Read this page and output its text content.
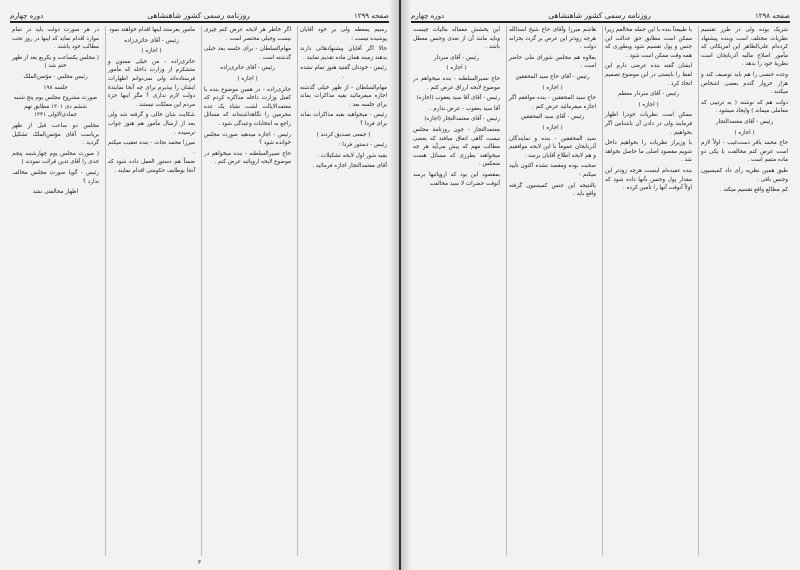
صفحه ۱۲۹۹
روزنامه رسمی کشور شاهنشاهی
دوره چهارم

رسیم یمعطه ولی بر خود آقایان پوشیده نیست :

حالا اگر آقایان پیشنهادهائی دارند بدهند زمینه همان ماده تقدیم نمایند .

رئیس - خودتان گفتید هنوز تمام نشده .

مهام‌السلطان - از ظهر خیلی گذشته اجازه میفرمائید بقیه مذاکرات بماند برای جلسه بعد .

رئیس - میخواهید بقیه مذاکرات بماند برای فردا ؟

( جمعی تصدیق کردند )

رئیس - دستور فردا :

بقیه شور اول لایحه تشکیلات .

آقای معتمدالتجار اجازه فرمائید .

اگر خاطر هر لایحه عرض کنم چیزی نیست وخیلی مختصر است .

مهام‌السلطان - برای جلسه بعد خیلی گذشته است .

رئیس - آقای حائری‌زاده

( اجازه )

حائری‌زاده - در همین موضوع بنده با کفیل وزارت داخله مذاکره کردم که معتمدالایالت لشت نشاء یک عده مجرمین را نگاهداشته‌اند که مسائل راجع به انتخابات وعیدگی شود .

رئیس - اجازه میدهید صورت مجلس خوانده شود ؟

حاج نصیرالسلطنه - بنده میخواهم در موضوع لایحه اروپائیه عرض کنم .

مأمور بفرستد اینها اقدام خواهند نمود

رئیس - آقای حائری‌زاده

( اجازه )

حائری‌زاده - من خیلی ممنون و متشکرم از وزارت داخله که مأمور فرستاده‌اند ولی نمی‌توانم اظهارات ایشان را بپذیرم برای چه آنجا نمایندۀ دولت لازم نداری ؟ مگر اینها جزء مردم این مملکت نیستند .

شکایت شان خالی و گرفته شد ولی بعد از ارسال مأمور هم هنوز جواب نرسیده .

میرزا محمد نجات - بنده تعقیب میکنم .

ضمناً هم دستور العمل داده شود که آنجا بوطایف حکومتی اقدام نمایند .

در هر صورت دولت باید در تمام موارد اقدام نماید که اینها در روز تحت مطالب خود باشند .

( مجلس یکساعت و یکربع بعد از ظهر ختم شد )

رئیس مجلس - مؤتمن‌الملک

جلسه ۱۹۸

صورت مشروح مجلس یوم پنج شنبه ششم دی ۱۳۰۱ مطابق نهم جمادی‌الاولی ۱۳۴۱

مجلس دو ساعت قبل از ظهر بریاست آقای مؤتمن‌الملک تشکیل گردید .

( صورت مجلس یوم چهارشنبه پنجم جدی را آقای تدین قرائت نمودند )

رئیس - گویا صورت مجلس مخالف ندارد ؟

اظهار مخالفتی نشد

۳
صفحه ۱۲۹۸
روزنامه رسمی کشور شاهنشاهی
دوره چهارم

شریک بوده ولی در طرز تقسیم نظریات مختلف است وبنده پیشنهاد کرده‌ام علی‌الظاهر این امریکائی که مأمور اصلاح مالیه آذربایجان است نظریۀ خود را بدهد .

وعده جنسی را هم باید توصیف کند و هزار خروار گندم بعضی اشخاص میکنند .

دولت هم که نوشته ( به ترتیبی که معاملی میماند ) وایجاد میشود .

رئیس - آقای معتمدالتجار

( اجازه )

حاج محمد باقر دست‌غیب - اولاً لازم است عرض کنم مخالفت با یکی دو ماده متمم است .

طبق همین نظریه رأی داد کمیسیون وجنس باقی .

کم مطالع واقع تقسیم میکند .

با طبیعتاً بنده با این جمله مخالفم زیرا ممکن است مطابق حق عدالت این جنس و پول تقسیم شود وبطوری که همه وقت ممکن است شود .

ایشان گفته بنده عرضی دارم این لفظ را بایستی در این موضوع تصمیم اتخاذ کرد .

رئیس - آقای سردار معظم

( اجازه )

ممکن است نظریات خودرا اظهار فرمایند ولی در دادن آن باشناس اگر بخواهیم .

با وزیراز نظریات را بخواهیم داخل شویم مقصود اصلی ما حاصل نخواهد شد .

بنده عقیده‌ام اینست هرچه زودتر این مقدار پول وجنس بآنها داده شود که اولاً آنوقت آنها را تأمین کرده .

هاشم میرزا وآقای حاج شیخ اسدالله هرچه زودتر این عرض بر گردد بخزانه دولت .

بعلاوه هم مجلس شورای ملی حاضر است .

رئیس - آقای حاج سید المحققین

( اجازه )

حاج سید المحققین - بنده موافقم اگر اجازه میفرمائید عرض کنم .

رئیس - آقای سید المحققین

( اجازه )

سید المحققین - بنده و نمایندگان آذربایجان عموماً با این لایحه موافقیم و هم لایحه اطلاع آقایان برسد .

صحبت بوده ومقصد نشده اکنون تأیید میکنم :

بالنتیجه این جنس کمیسیون گرفته واقع باید .

این بخشش معماله مالیات چیست وباید مانند آن از تعدی وجنس معطل باشد .

رئیس - آقای سردار

( اجازه )

حاج نصیرالسلطنه - بنده میخواهم در موضوع لایحه ارزاق عرض کنم .

رئیس - آقای آقا سید یعقوب (اجازه)

آقا سید یعقوب - عرض ندارم .

رئیس - آقای معتمدالتجار (اجازه)

معتمدالتجار - چون روزنامۀ مجلس نیست گاهی اتفاق میافتد که بعضی مطالب مهم که پیش می‌آید هر چه میخواهند بطرزی که مسائل هست منعکس .

بمقصود این بود که اروپائیها برسد آنوقت حضرات لا سید مخالفت
